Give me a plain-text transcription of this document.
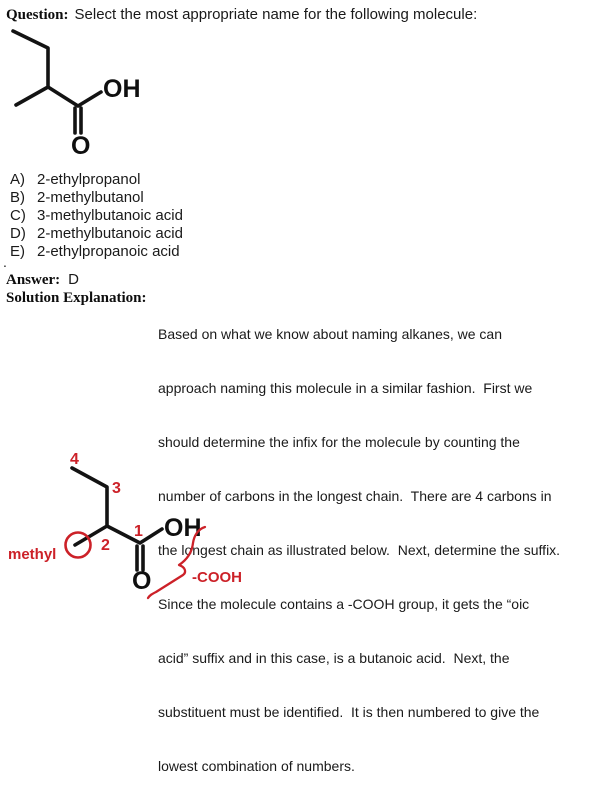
Question: Select the most appropriate name for the following molecule:
OH
O
A) 2-ethylpropanol
B) 2-methylbutanol
C) 3-methylbutanoic acid
D) 2-methylbutanoic acid
E) 2-ethylpropanoic acid
.
Answer: D
Solution Explanation:

Based on what we know about naming alkanes, we can

approach naming this molecule in a similar fashion.  First we

should determine the infix for the molecule by counting the

number of carbons in the longest chain.  There are 4 carbons in

the longest chain as illustrated below.  Next, determine the suffix.

Since the molecule contains a -COOH group, it gets the “oic

acid” suffix and in this case, is a butanoic acid.  Next, the

substituent must be identified.  It is then numbered to give the

lowest combination of numbers.

OH
O
4
3
2
1
methyl
-COOH
